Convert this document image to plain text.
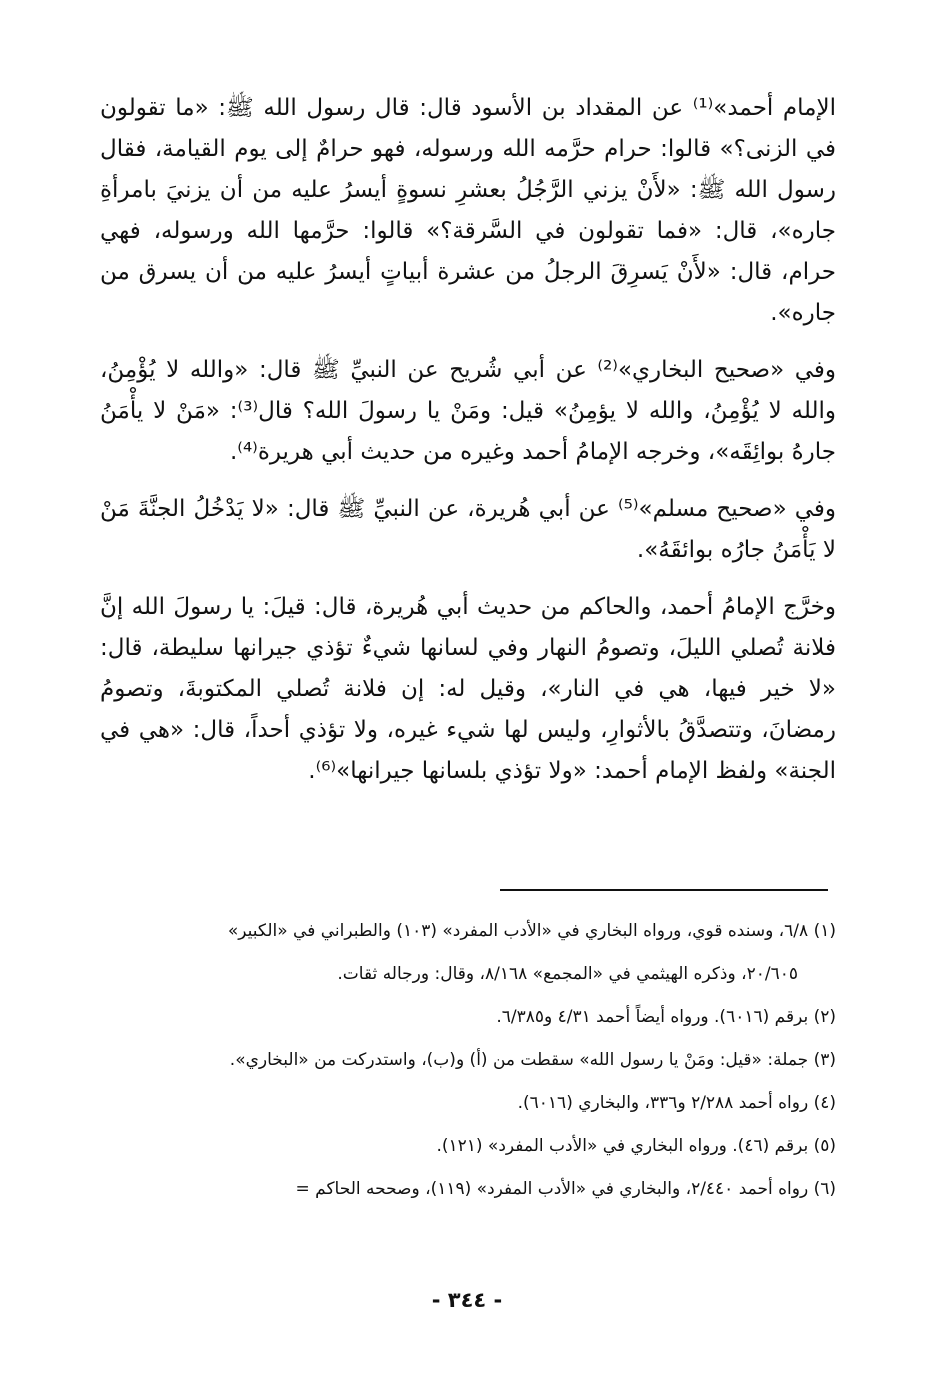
الإمام أحمد»⁽¹⁾ عن المقداد بن الأسود قال: قال رسول الله ﷺ: «ما تقولون في الزنى؟» قالوا: حرام حرَّمه الله ورسوله، فهو حرامٌ إلى يوم القيامة، فقال رسول الله ﷺ: «لأَنْ يزني الرَّجُلُ بعشرِ نسوةٍ أيسرُ عليه من أن يزنيَ بامرأةِ جاره»، قال: «فما تقولون في السَّرقة؟» قالوا: حرَّمها الله ورسوله، فهي حرام، قال: «لأَنْ يَسرِقَ الرجلُ من عشرة أبياتٍ أيسرُ عليه من أن يسرق من جاره».

وفي «صحيح البخاري»⁽²⁾ عن أبي شُريح عن النبيِّ ﷺ قال: «والله لا يُؤْمِنُ، والله لا يُؤْمِنُ، والله لا يؤمِنُ» قيل: ومَنْ يا رسولَ الله؟ قال⁽³⁾: «مَنْ لا يأْمَنُ جارهُ بوائِقَه»، وخرجه الإمامُ أحمد وغيره من حديث أبي هريرة⁽⁴⁾.

وفي «صحيح مسلم»⁽⁵⁾ عن أبي هُريرة، عن النبيِّ ﷺ قال: «لا يَدْخُلُ الجنَّةَ مَنْ لا يَأْمَنُ جارُه بوائقَهُ».

وخرَّج الإمامُ أحمد، والحاكم من حديث أبي هُريرة، قال: قيلَ: يا رسولَ الله إنَّ فلانة تُصلي الليلَ، وتصومُ النهار وفي لسانها شيءٌ تؤذي جيرانها سليطة، قال: «لا خير فيها، هي في النار»، وقيل له: إن فلانة تُصلي المكتوبةَ، وتصومُ رمضانَ، وتتصدَّقُ بالأثوارِ، وليس لها شيء غيره، ولا تؤذي أحداً، قال: «هي في الجنة» ولفظ الإمام أحمد: «ولا تؤذي بلسانها جيرانها»⁽⁶⁾.

(١) ٦/٨، وسنده قوي، ورواه البخاري في «الأدب المفرد» (١٠٣) والطبراني في «الكبير»
٢٠/٦٠٥، وذكره الهيثمي في «المجمع» ٨/١٦٨، وقال: ورجاله ثقات.
(٢) برقم (٦٠١٦). ورواه أيضاً أحمد ٤/٣١ و٦/٣٨٥.
(٣) جملة: «قيل: ومَنْ يا رسول الله» سقطت من (أ) و(ب)، واستدركت من «البخاري».
(٤) رواه أحمد ٢/٢٨٨ و٣٣٦، والبخاري (٦٠١٦).
(٥) برقم (٤٦). ورواه البخاري في «الأدب المفرد» (١٢١).
(٦) رواه أحمد ٢/٤٤٠، والبخاري في «الأدب المفرد» (١١٩)، وصححه الحاكم =
- ٣٤٤ -
